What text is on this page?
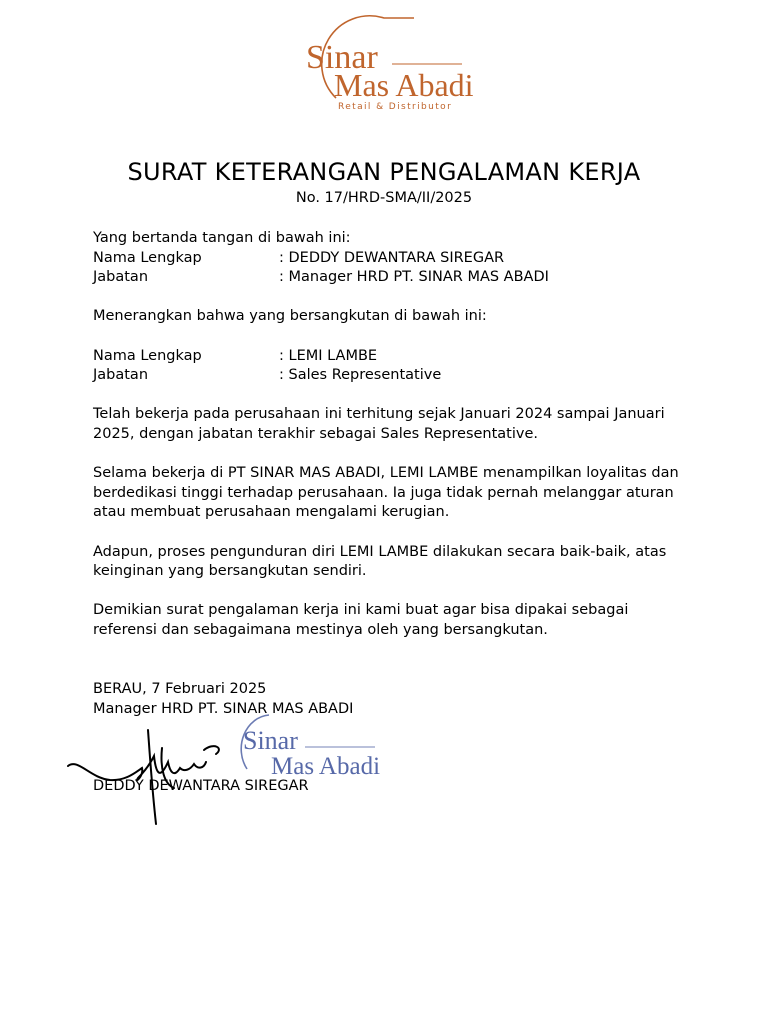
Sinar
Mas Abadi
Retail & Distributor
SURAT KETERANGAN PENGALAMAN KERJA
No. 17/HRD-SMA/II/2025

Yang bertanda tangan di bawah ini:

Nama Lengkap	: DEDDY DEWANTARA SIREGAR
Jabatan	: Manager HRD PT. SINAR MAS ABADI

Menerangkan bahwa yang bersangkutan di bawah ini:

Nama Lengkap	: LEMI LAMBE
Jabatan	: Sales Representative

Telah bekerja pada perusahaan ini terhitung sejak Januari 2024 sampai Januari 2025, dengan jabatan terakhir sebagai Sales Representative.

Selama bekerja di PT SINAR MAS ABADI, LEMI LAMBE menampilkan loyalitas dan berdedikasi tinggi terhadap perusahaan. Ia juga tidak pernah melanggar aturan atau membuat perusahaan mengalami kerugian.

Adapun, proses pengunduran diri LEMI LAMBE dilakukan secara baik-baik, atas keinginan yang bersangkutan sendiri.

Demikian surat pengalaman kerja ini kami buat agar bisa dipakai sebagai referensi dan sebagaimana mestinya oleh yang bersangkutan.

BERAU, 7 Februari 2025

Manager HRD PT. SINAR MAS ABADI

Sinar
Mas Abadi
DEDDY DEWANTARA SIREGAR
